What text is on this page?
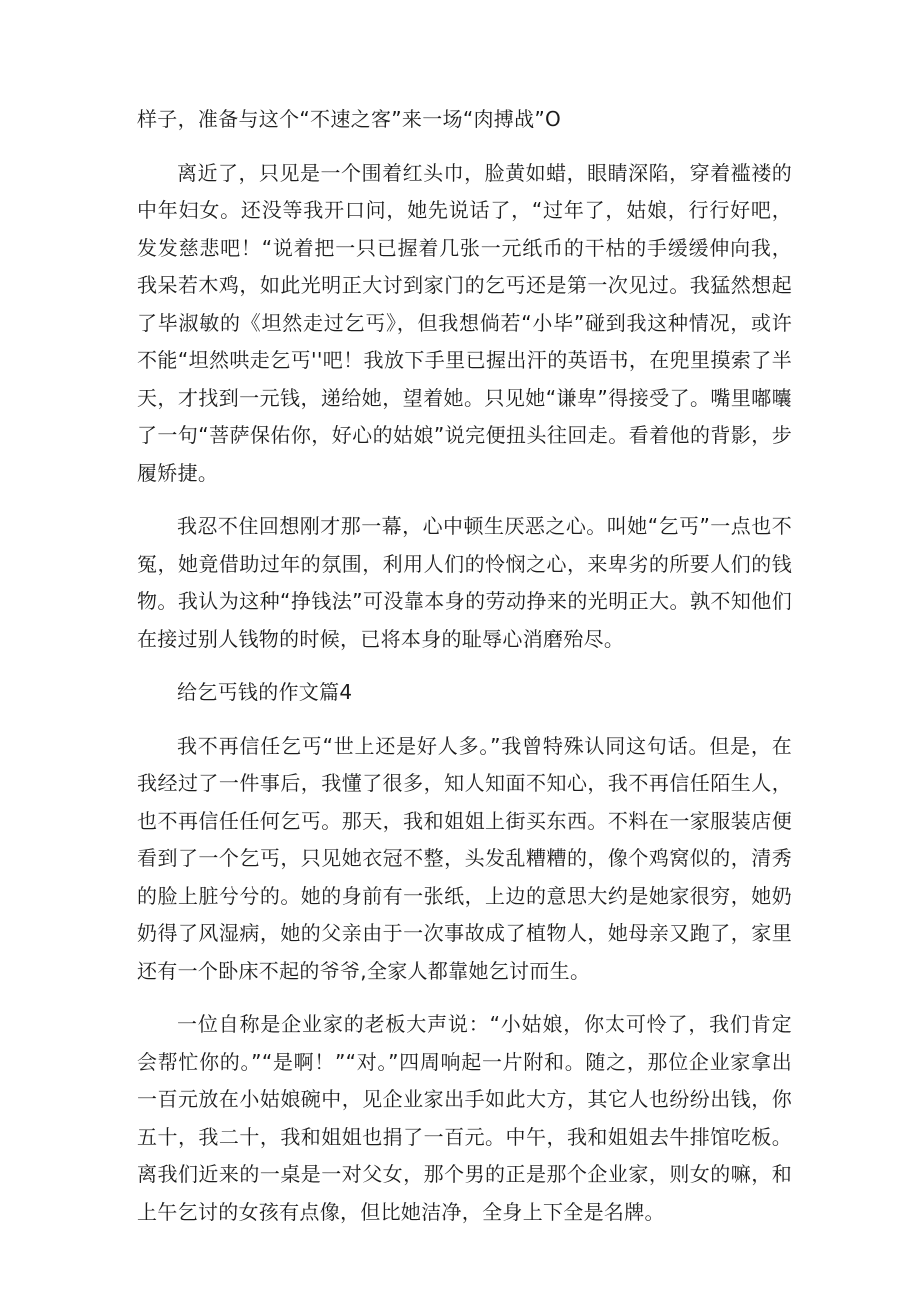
样子，准备与这个“不速之客”来一场“肉搏战”O

离近了，只见是一个围着红头巾，脸黄如蜡，眼睛深陷，穿着褴褛的中年妇女。还没等我开口问，她先说话了，“过年了，姑娘，行行好吧，发发慈悲吧！“说着把一只已握着几张一元纸币的干枯的手缓缓伸向我，我呆若木鸡，如此光明正大讨到家门的乞丐还是第一次见过。我猛然想起了毕淑敏的《坦然走过乞丐》，但我想倘若“小毕”碰到我这种情况，或许不能“坦然哄走乞丐''吧！我放下手里已握出汗的英语书，在兜里摸索了半天，才找到一元钱，递给她，望着她。只见她“谦卑”得接受了。嘴里嘟囔了一句“菩萨保佑你，好心的姑娘”说完便扭头往回走。看着他的背影，步履矫捷。

我忍不住回想刚才那一幕，心中顿生厌恶之心。叫她“乞丐”一点也不冤，她竟借助过年的氛围，利用人们的怜悯之心，来卑劣的所要人们的钱物。我认为这种“挣钱法”可没靠本身的劳动挣来的光明正大。孰不知他们在接过别人钱物的时候，已将本身的耻辱心消磨殆尽。

给乞丐钱的作文篇4

我不再信任乞丐“世上还是好人多。”我曾特殊认同这句话。但是，在我经过了一件事后，我懂了很多，知人知面不知心，我不再信任陌生人，也不再信任任何乞丐。那天，我和姐姐上街买东西。不料在一家服装店便看到了一个乞丐，只见她衣冠不整，头发乱糟糟的，像个鸡窝似的，清秀的脸上脏兮兮的。她的身前有一张纸，上边的意思大约是她家很穷，她奶奶得了风湿病，她的父亲由于一次事故成了植物人，她母亲又跑了，家里还有一个卧床不起的爷爷,全家人都靠她乞讨而生。

一位自称是企业家的老板大声说：“小姑娘，你太可怜了，我们肯定会帮忙你的。”“是啊！”“对。”四周响起一片附和。随之，那位企业家拿出一百元放在小姑娘碗中，见企业家出手如此大方，其它人也纷纷出钱，你五十，我二十，我和姐姐也捐了一百元。中午，我和姐姐去牛排馆吃板。离我们近来的一桌是一对父女，那个男的正是那个企业家，则女的嘛，和上午乞讨的女孩有点像，但比她洁净，全身上下全是名牌。
